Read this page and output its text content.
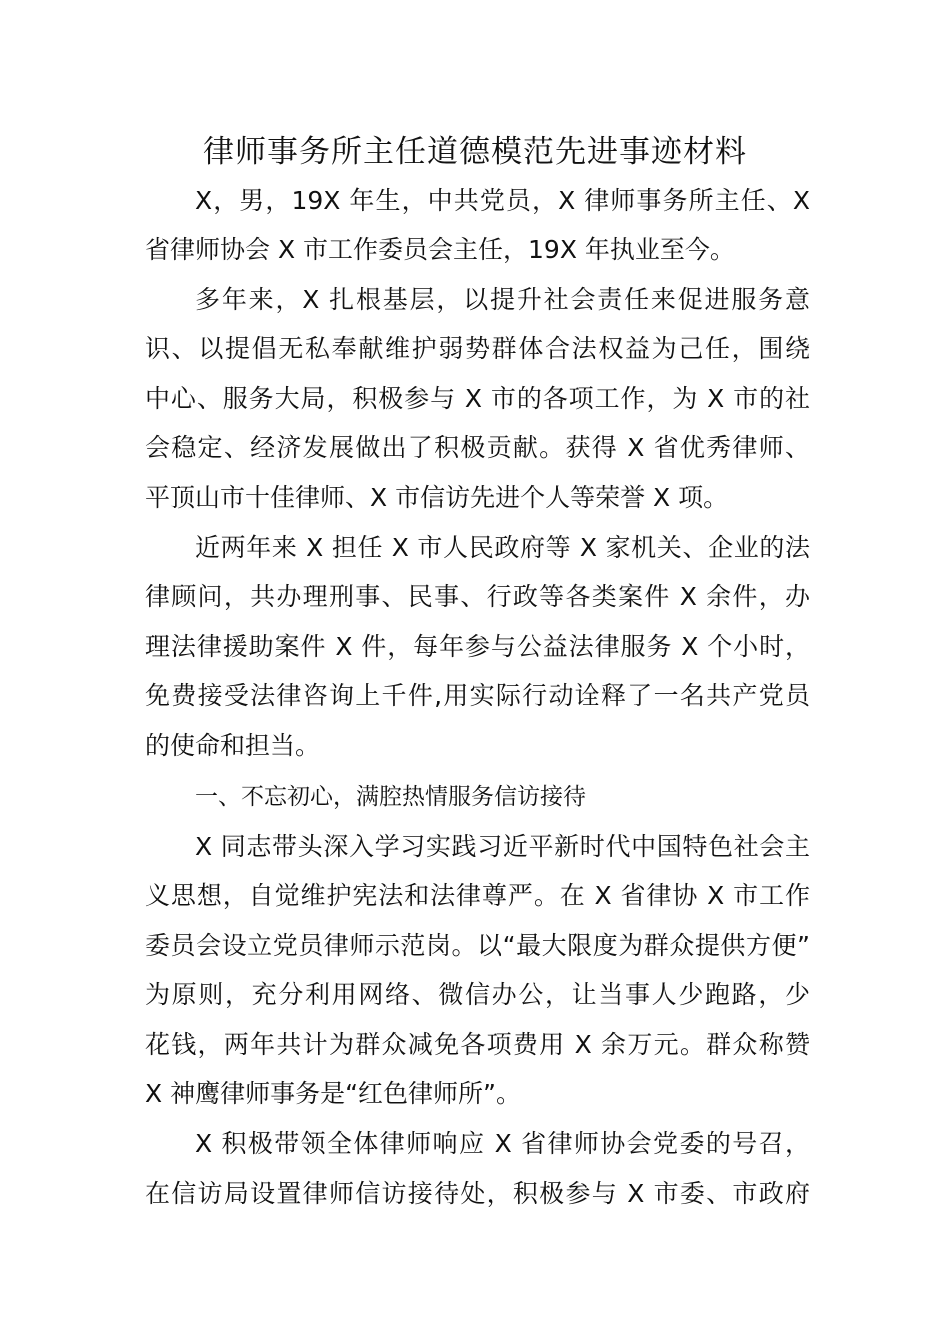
律师事务所主任道德模范先进事迹材料

X，男，19X 年生，中共党员，X 律师事务所主任、X

省律师协会 X 市工作委员会主任，19X 年执业至今。

多年来，X 扎根基层，以提升社会责任来促进服务意

识、以提倡无私奉献维护弱势群体合法权益为己任，围绕

中心、服务大局，积极参与 X 市的各项工作，为 X 市的社

会稳定、经济发展做出了积极贡献。获得 X 省优秀律师、

平顶山市十佳律师、X 市信访先进个人等荣誉 X 项。

近两年来 X 担任 X 市人民政府等 X 家机关、企业的法

律顾问，共办理刑事、民事、行政等各类案件 X 余件，办

理法律援助案件 X 件，每年参与公益法律服务 X 个小时，

免费接受法律咨询上千件,用实际行动诠释了一名共产党员

的使命和担当。

一、不忘初心，满腔热情服务信访接待

X 同志带头深入学习实践习近平新时代中国特色社会主

义思想，自觉维护宪法和法律尊严。在 X 省律协 X 市工作

委员会设立党员律师示范岗。以“最大限度为群众提供方便”

为原则，充分利用网络、微信办公，让当事人少跑路，少

花钱，两年共计为群众减免各项费用 X 余万元。群众称赞

X 神鹰律师事务是“红色律师所”。

X 积极带领全体律师响应 X 省律师协会党委的号召，

在信访局设置律师信访接待处，积极参与 X 市委、市政府
